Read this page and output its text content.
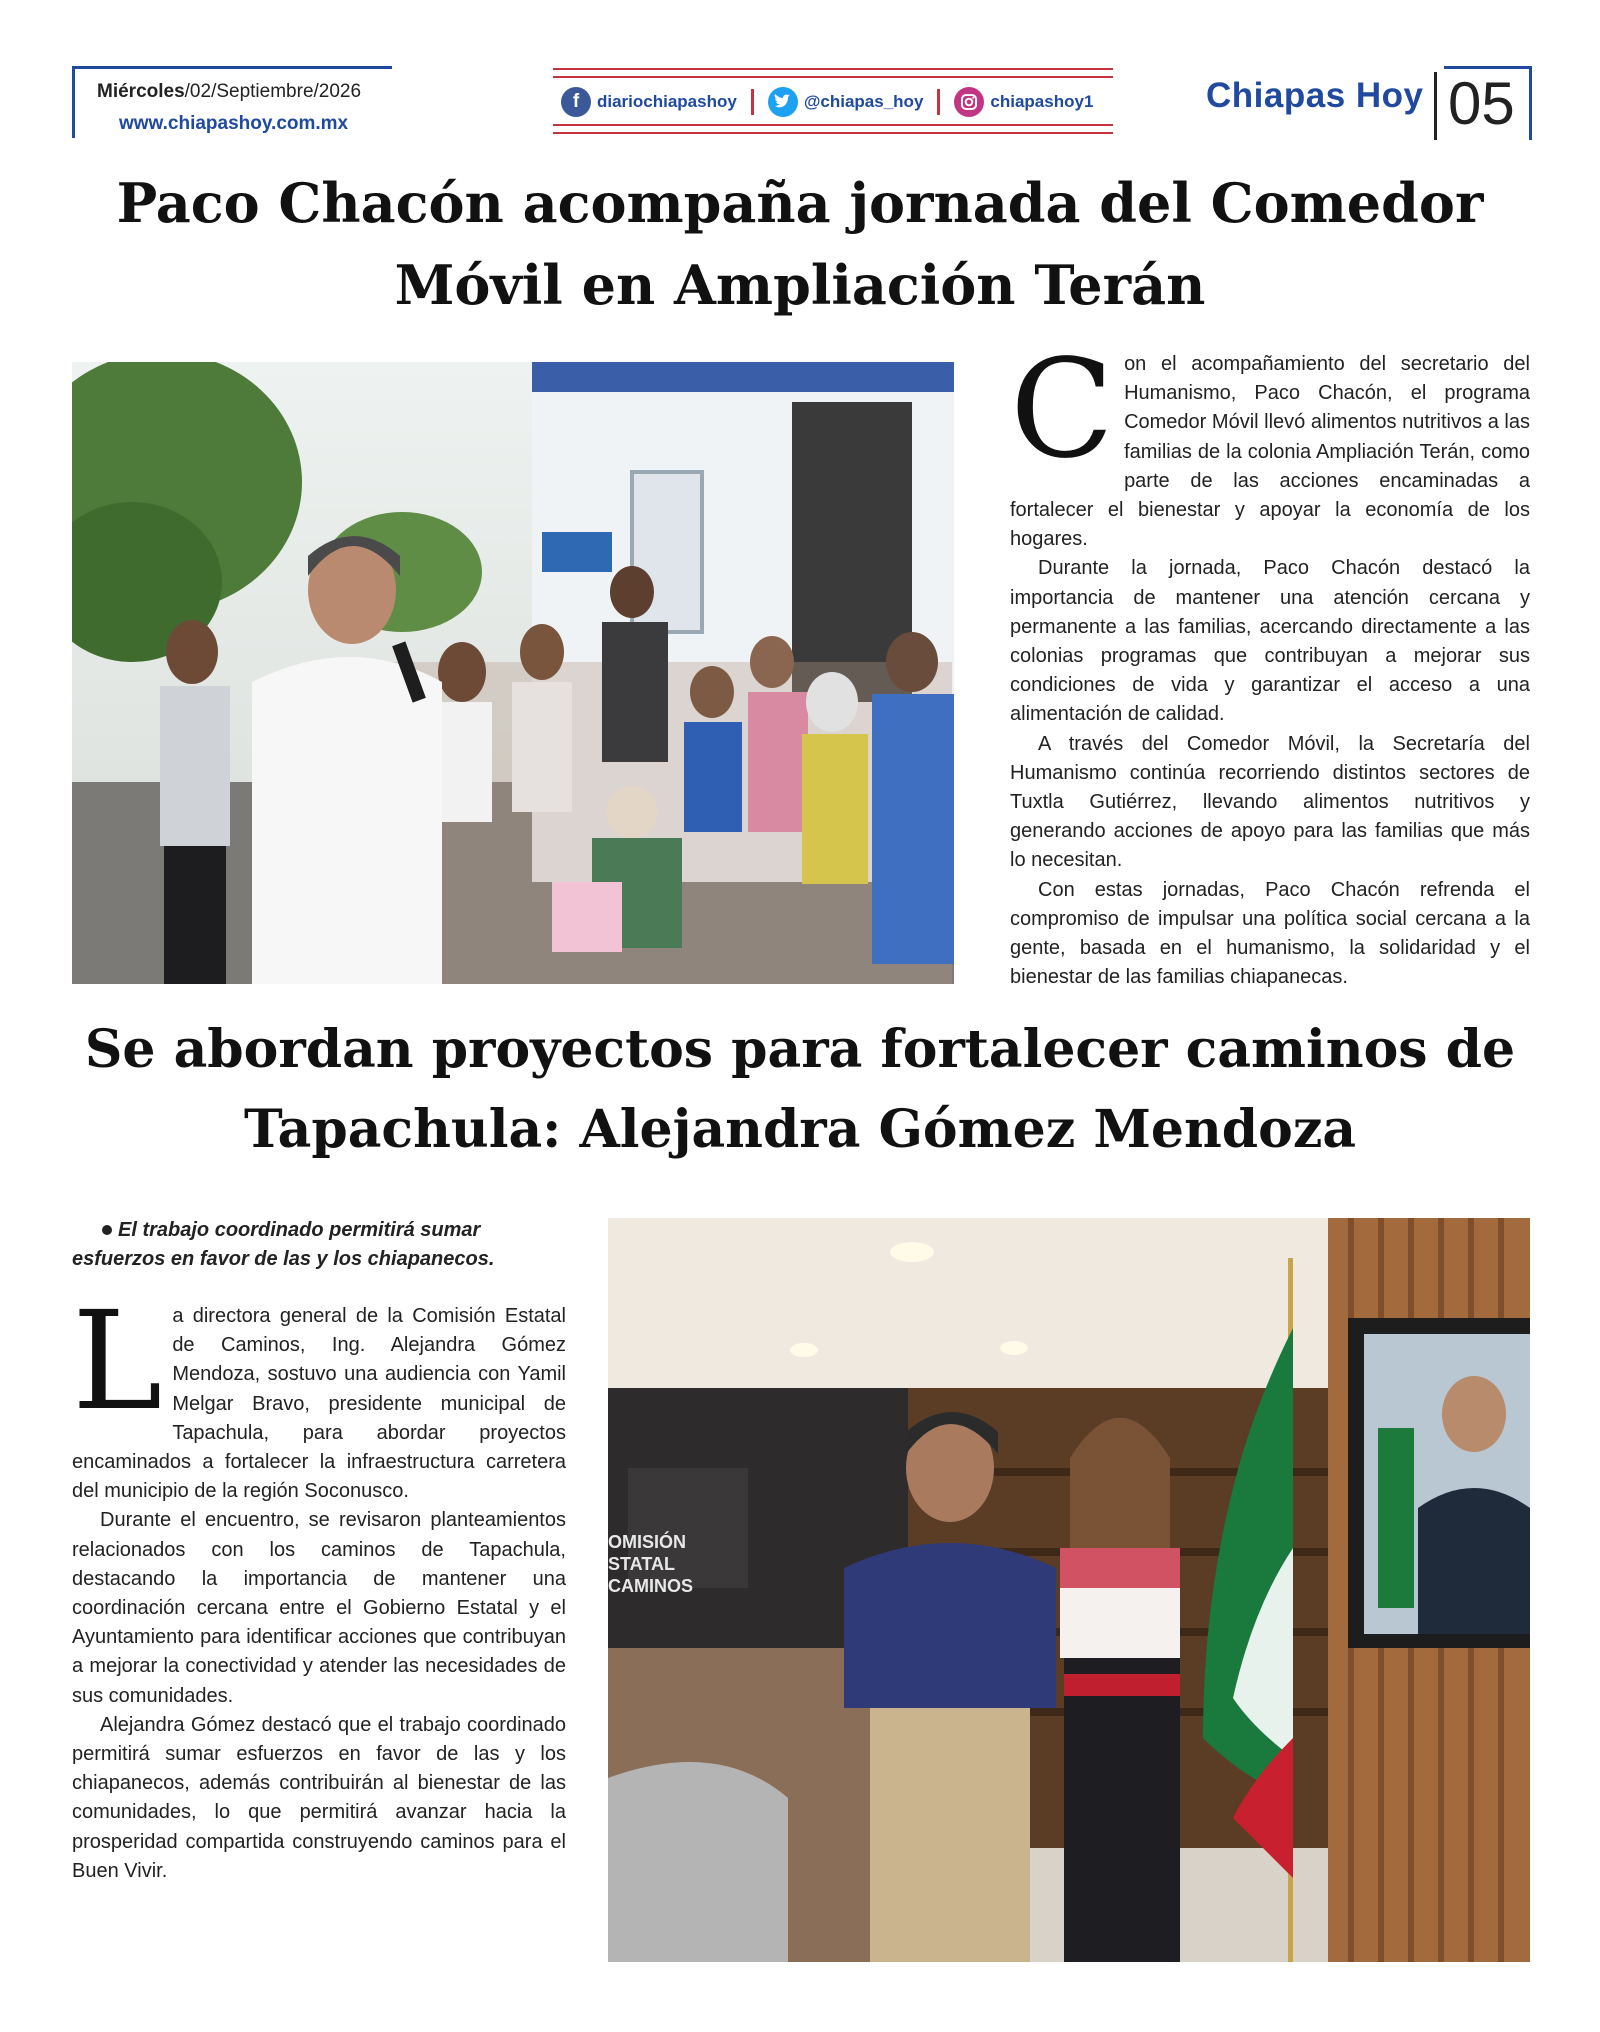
Miércoles/02/Septiembre/2026
www.chiapashoy.com.mx
f	diariochiapashoy	@chiapas_hoy	chiapashoy1	Chiapas Hoy 05
Paco Chacón acompaña jornada del Comedor
Móvil en Ampliación Terán

Con el acompañamiento del secretario del Humanismo, Paco Chacón, el programa Comedor Móvil llevó alimentos nutritivos a las familias de la colonia Ampliación Terán, como parte de las acciones encaminadas a fortalecer el bienestar y apoyar la economía de los hogares.

Durante la jornada, Paco Chacón destacó la importancia de mantener una atención cercana y permanente a las familias, acercando directamente a las colonias programas que contribuyan a mejorar sus condiciones de vida y garantizar el acceso a una alimentación de calidad.

A través del Comedor Móvil, la Secretaría del Humanismo continúa recorriendo distintos sectores de Tuxtla Gutiérrez, llevando alimentos nutritivos y generando acciones de apoyo para las familias que más lo necesitan.

Con estas jornadas, Paco Chacón refrenda el compromiso de impulsar una política social cercana a la gente, basada en el humanismo, la solidaridad y el bienestar de las familias chiapanecas.

Se abordan proyectos para fortalecer caminos de
Tapachula: Alejandra Gómez Mendoza
El trabajo coordinado permitirá sumar esfuerzos en favor de las y los chiapanecos.

La directora general de la Comisión Estatal de Caminos, Ing. Alejandra Gómez Mendoza, sostuvo una audiencia con Yamil Melgar Bravo, presidente municipal de Tapachula, para abordar proyectos encaminados a fortalecer la infraestructura carretera del municipio de la región Soconusco.

Durante el encuentro, se revisaron planteamientos relacionados con los caminos de Tapachula, destacando la importancia de mantener una coordinación cercana entre el Gobierno Estatal y el Ayuntamiento para identificar acciones que contribuyan a mejorar la conectividad y atender las necesidades de sus comunidades.

Alejandra Gómez destacó que el trabajo coordinado permitirá sumar esfuerzos en favor de las y los chiapanecos, además contribuirán al bienestar de las comunidades, lo que permitirá avanzar hacia la prosperidad compartida construyendo caminos para el Buen Vivir.

OMISIÓN
STATAL
CAMINOS
